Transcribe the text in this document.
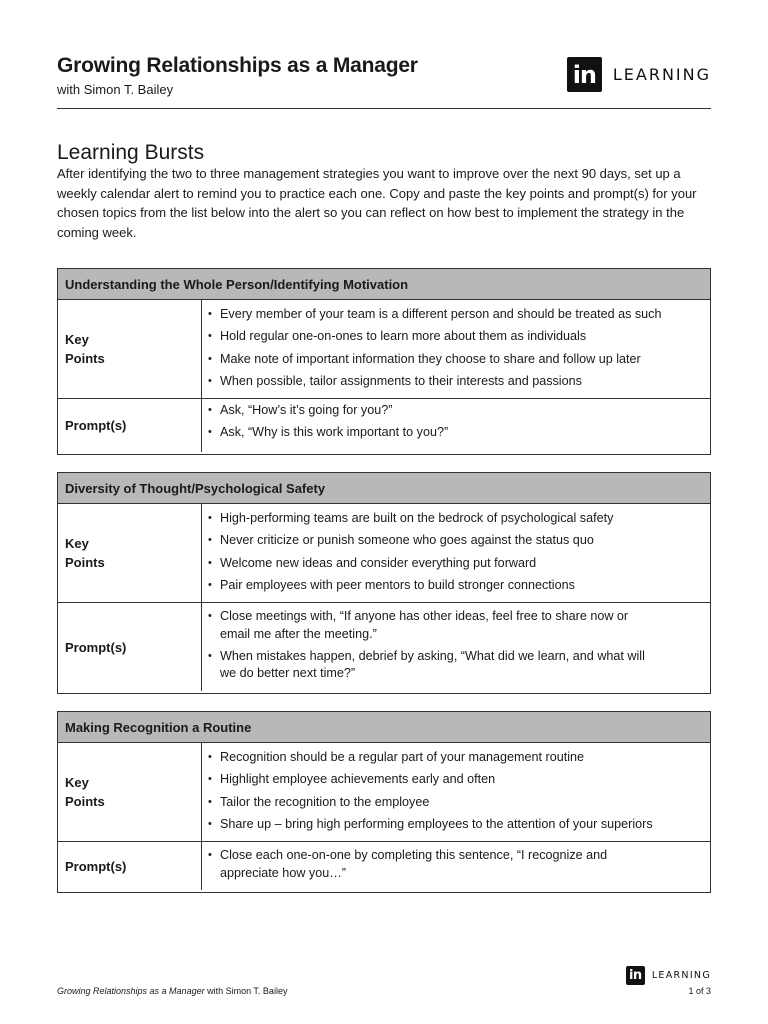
Growing Relationships as a Manager
with Simon T. Bailey
in	LEARNING
Learning Bursts

After identifying the two to three management strategies you want to improve over the next 90 days, set up a weekly calendar alert to remind you to practice each one. Copy and paste the key points and prompt(s) for your chosen topics from the list below into the alert so you can reflect on how best to implement the strategy in the coming week.

Understanding the Whole Person/Identifying Motivation
Key Points
• Every member of your team is a different person and should be treated as such
• Hold regular one-on-ones to learn more about them as individuals
• Make note of important information they choose to share and follow up later
• When possible, tailor assignments to their interests and passions
Prompt(s)
• Ask, “How’s it’s going for you?”
• Ask, “Why is this work important to you?”
Diversity of Thought/Psychological Safety
Key Points
• High-performing teams are built on the bedrock of psychological safety
• Never criticize or punish someone who goes against the status quo
• Welcome new ideas and consider everything put forward
• Pair employees with peer mentors to build stronger connections
Prompt(s)
• Close meetings with, “If anyone has other ideas, feel free to share now or email me after the meeting.”
• When mistakes happen, debrief by asking, “What did we learn, and what will we do better next time?”
Making Recognition a Routine
Key Points
• Recognition should be a regular part of your management routine
• Highlight employee achievements early and often
• Tailor the recognition to the employee
• Share up – bring high performing employees to the attention of your superiors
Prompt(s)
• Close each one-on-one by completing this sentence, “I recognize and appreciate how you…”
Growing Relationships as a Manager with Simon T. Bailey
in	LEARNING
1 of 3
